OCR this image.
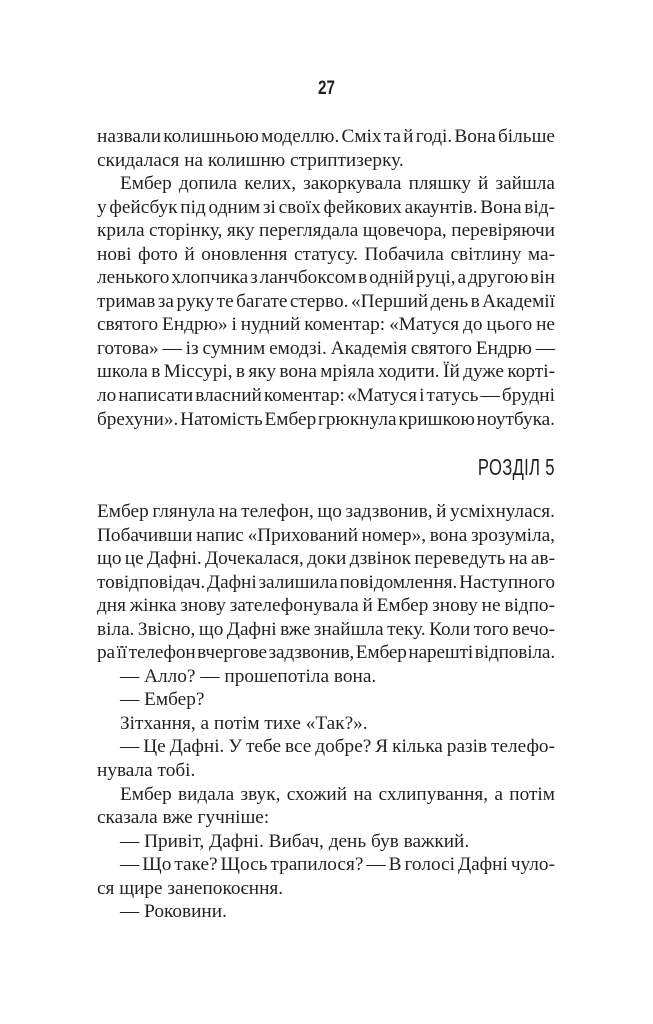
27
назвали колишньою моделлю. Сміх та й годі. Вона більше
скидалася на колишню стриптизерку.
Ембер допила келих, закоркувала пляшку й зайшла
у фейсбук під одним зі своїх фейкових акаунтів. Вона від-
крила сторінку, яку переглядала щовечора, перевіряючи
нові фото й оновлення статусу. Побачила світлину ма-
ленького хлопчика з ланчбоксом в одній руці, а другою він
тримав за руку те багате стерво. «Перший день в Академії
святого Ендрю» і нудний коментар: «Матуся до цього не
готова» — із сумним емодзі. Академія святого Ендрю —
школа в Міссурі, в яку вона мріяла ходити. Їй дуже корті-
ло написати власний коментар: «Матуся і татусь — брудні
брехуни». Натомість Ембер грюкнула кришкою ноутбука.
РОЗДІЛ 5
Ембер глянула на телефон, що задзвонив, й усміхнулася.
Побачивши напис «Прихований номер», вона зрозуміла,
що це Дафні. Дочекалася, доки дзвінок переведуть на ав-
товідповідач. Дафні залишила повідомлення. Наступного
дня жінка знову зателефонувала й Ембер знову не відпо-
віла. Звісно, що Дафні вже знайшла теку. Коли того вечо-
ра її телефон вчергове задзвонив, Ембер нарешті відповіла.
— Алло? — прошепотіла вона.
— Ембер?
Зітхання, а потім тихе «Так?».
— Це Дафні. У тебе все добре? Я кілька разів телефо-
нувала тобі.
Ембер видала звук, схожий на схлипування, а потім
сказала вже гучніше:
— Привіт, Дафні. Вибач, день був важкий.
— Що таке? Щось трапилося? — В голосі Дафні чуло-
ся щире занепокоєння.
— Роковини.
